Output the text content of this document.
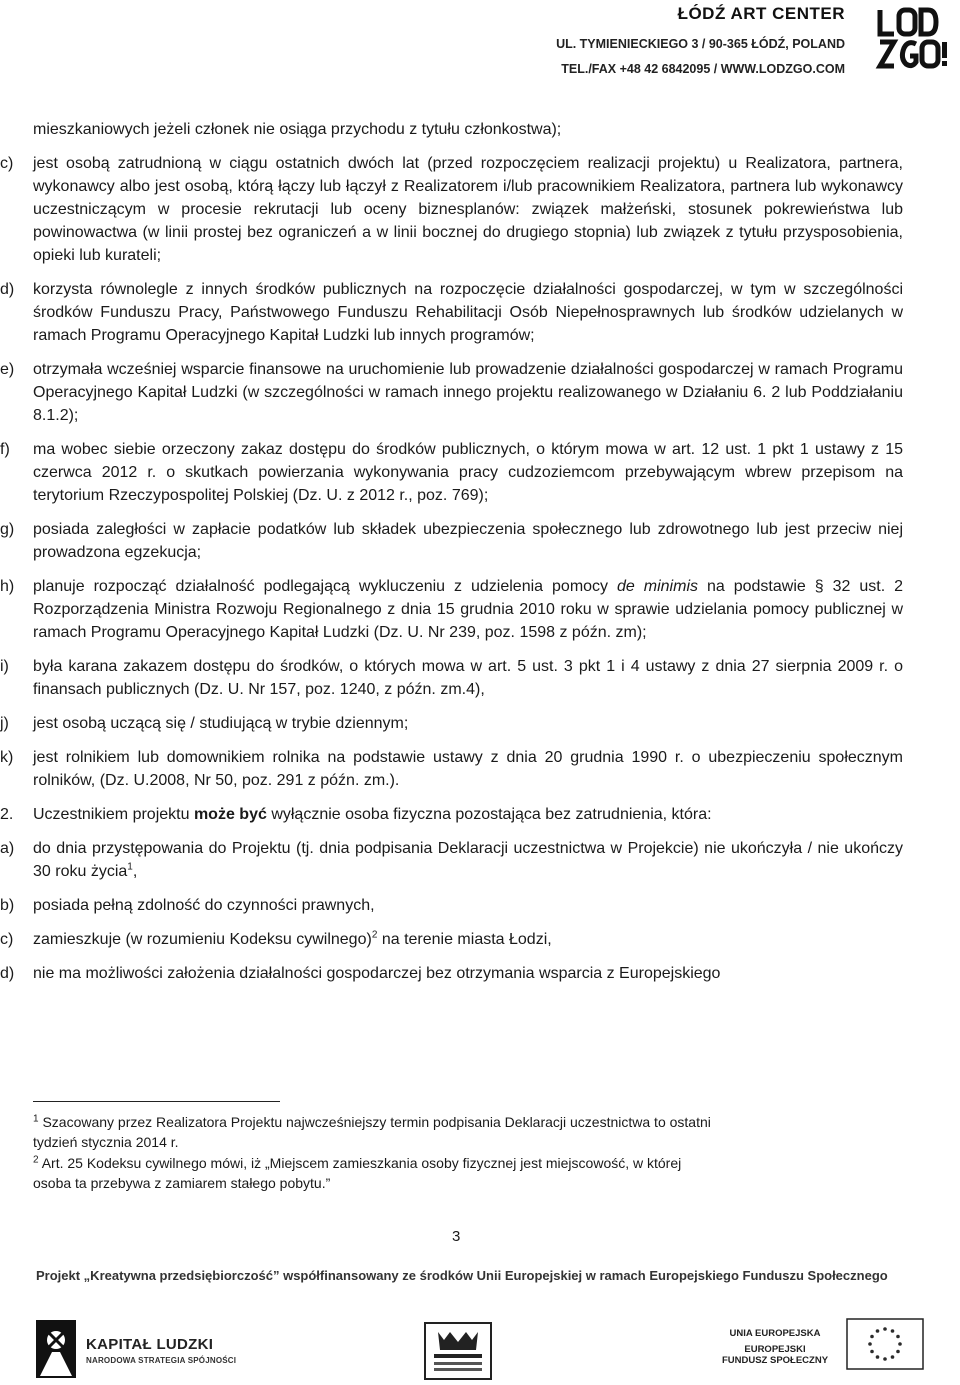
ŁÓDŹ ART CENTER
UL. TYMIENIECKIEGO 3 / 90-365 ŁÓDŹ, POLAND
TEL./FAX +48 42 6842095 / WWW.LODZGO.COM

mieszkaniowych jeżeli członek nie osiąga przychodu z tytułu członkostwa);

c)	jest osobą zatrudnioną w ciągu ostatnich dwóch lat (przed rozpoczęciem realizacji projektu) u Realizatora, partnera, wykonawcy albo jest osobą, którą łączy lub łączył z Realizatorem i/lub pracownikiem Realizatora, partnera lub wykonawcy uczestniczącym w procesie rekrutacji lub oceny biznesplanów: związek małżeński, stosunek pokrewieństwa lub powinowactwa (w linii prostej bez ograniczeń a w linii bocznej do drugiego stopnia) lub związek z tytułu przysposobienia, opieki lub kurateli;
d)	korzysta równolegle z innych środków publicznych na rozpoczęcie działalności gospodarczej, w tym w szczególności środków Funduszu Pracy, Państwowego Funduszu Rehabilitacji Osób Niepełnosprawnych lub środków udzielanych w ramach Programu Operacyjnego Kapitał Ludzki lub innych programów;
e)	otrzymała wcześniej wsparcie finansowe na uruchomienie lub prowadzenie działalności gospodarczej w ramach Programu Operacyjnego Kapitał Ludzki (w szczególności w ramach innego projektu realizowanego w Działaniu 6. 2 lub Poddziałaniu 8.1.2);
f)	ma wobec siebie orzeczony zakaz dostępu do środków publicznych, o którym mowa w art. 12 ust. 1 pkt 1 ustawy z 15 czerwca 2012 r. o skutkach powierzania wykonywania pracy cudzoziemcom przebywającym wbrew przepisom na terytorium Rzeczypospolitej Polskiej (Dz. U. z 2012 r., poz. 769);
g)	posiada zaległości w zapłacie podatków lub składek ubezpieczenia społecznego lub zdrowotnego lub jest przeciw niej prowadzona egzekucja;
h)	planuje rozpocząć działalność podlegającą wykluczeniu z udzielenia pomocy de minimis na podstawie § 32 ust. 2 Rozporządzenia Ministra Rozwoju Regionalnego z dnia 15 grudnia 2010 roku w sprawie udzielania pomocy publicznej w ramach Programu Operacyjnego Kapitał Ludzki (Dz. U. Nr 239, poz. 1598 z późn. zm);
i)	była karana zakazem dostępu do środków, o których mowa w art. 5 ust. 3 pkt 1 i 4 ustawy z dnia 27 sierpnia 2009 r. o finansach publicznych (Dz. U. Nr 157, poz. 1240, z późn. zm.4),
j)	jest osobą uczącą się / studiującą w trybie dziennym;
k)	jest rolnikiem lub domownikiem rolnika na podstawie ustawy z dnia 20 grudnia 1990 r. o ubezpieczeniu społecznym rolników, (Dz. U.2008, Nr 50, poz. 291 z późn. zm.).
2.	Uczestnikiem projektu może być wyłącznie osoba fizyczna pozostająca bez zatrudnienia, która:
a)	do dnia przystępowania do Projektu (tj. dnia podpisania Deklaracji uczestnictwa w Projekcie) nie ukończyła / nie ukończy 30 roku życia$^1$,
b)	posiada pełną zdolność do czynności prawnych,
c)	zamieszkuje (w rozumieniu Kodeksu cywilnego)$^2$ na terenie miasta Łodzi,
d)	nie ma możliwości założenia działalności gospodarczej bez otrzymania wsparcia z Europejskiego
$^1$ Szacowany przez Realizatora Projektu najwcześniejszy termin podpisania Deklaracji uczestnictwa to ostatni
tydzień stycznia 2014 r.
$^2$ Art. 25 Kodeksu cywilnego mówi, iż „Miejscem zamieszkania osoby fizycznej jest miejscowość, w której
osoba ta przebywa z zamiarem stałego pobytu.”
3
Projekt „Kreatywna przedsiębiorczość” współfinansowany ze środków Unii Europejskiej w ramach Europejskiego Funduszu Społecznego
KAPITAŁ LUDZKI
NARODOWA STRATEGIA SPÓJNOŚCI
UNIA EUROPEJSKA
EUROPEJSKI
FUNDUSZ SPOŁECZNY
